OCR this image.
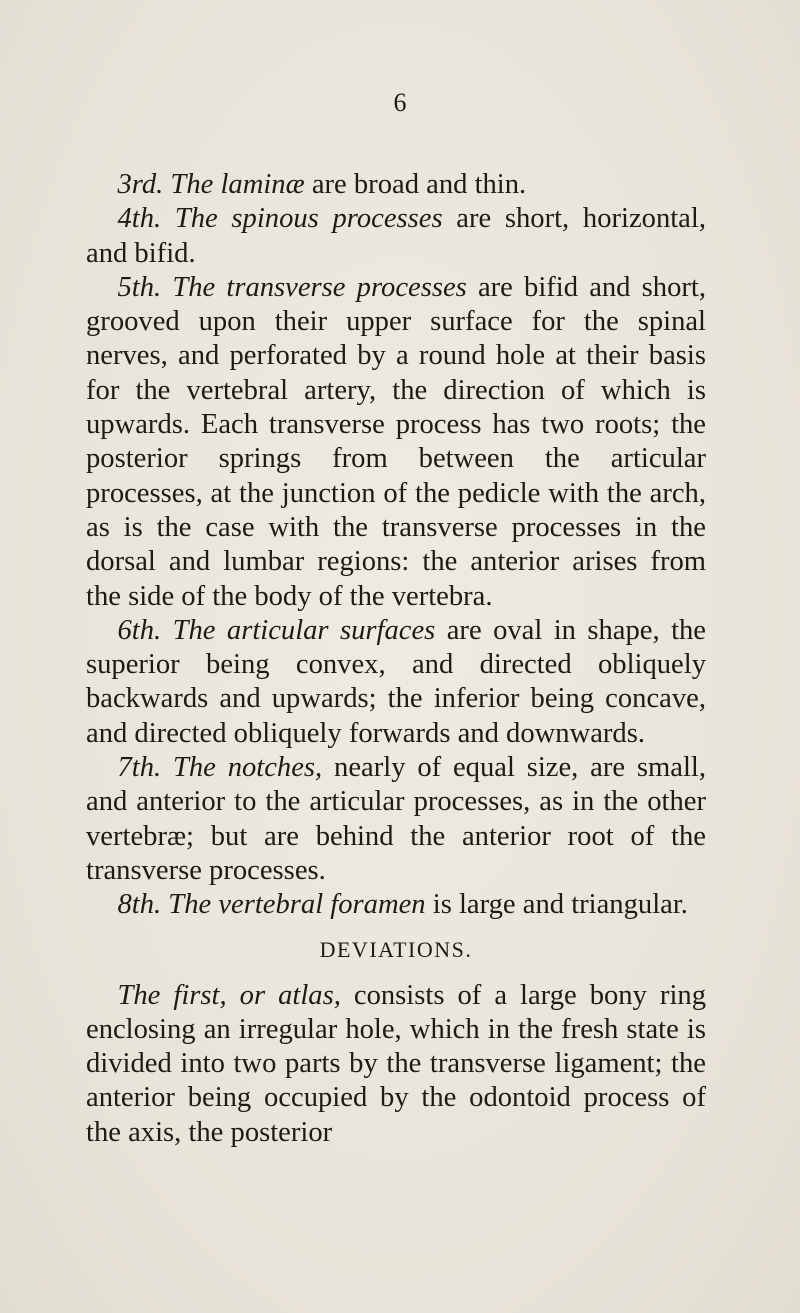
6

3rd. The laminæ are broad and thin.

4th. The spinous processes are short, horizontal, and bifid.

5th. The transverse processes are bifid and short, grooved upon their upper surface for the spinal nerves, and perforated by a round hole at their basis for the vertebral artery, the direction of which is upwards. Each transverse process has two roots; the posterior springs from between the articular processes, at the junction of the pedicle with the arch, as is the case with the transverse processes in the dorsal and lumbar regions: the anterior arises from the side of the body of the vertebra.

6th. The articular surfaces are oval in shape, the superior being convex, and directed obliquely backwards and upwards; the inferior being concave, and directed obliquely forwards and downwards.

7th. The notches, nearly of equal size, are small, and anterior to the articular processes, as in the other vertebræ; but are behind the anterior root of the transverse processes.

8th. The vertebral foramen is large and triangular.

DEVIATIONS.

The first, or atlas, consists of a large bony ring enclosing an irregular hole, which in the fresh state is divided into two parts by the transverse ligament; the anterior being occupied by the odontoid process of the axis, the posterior
